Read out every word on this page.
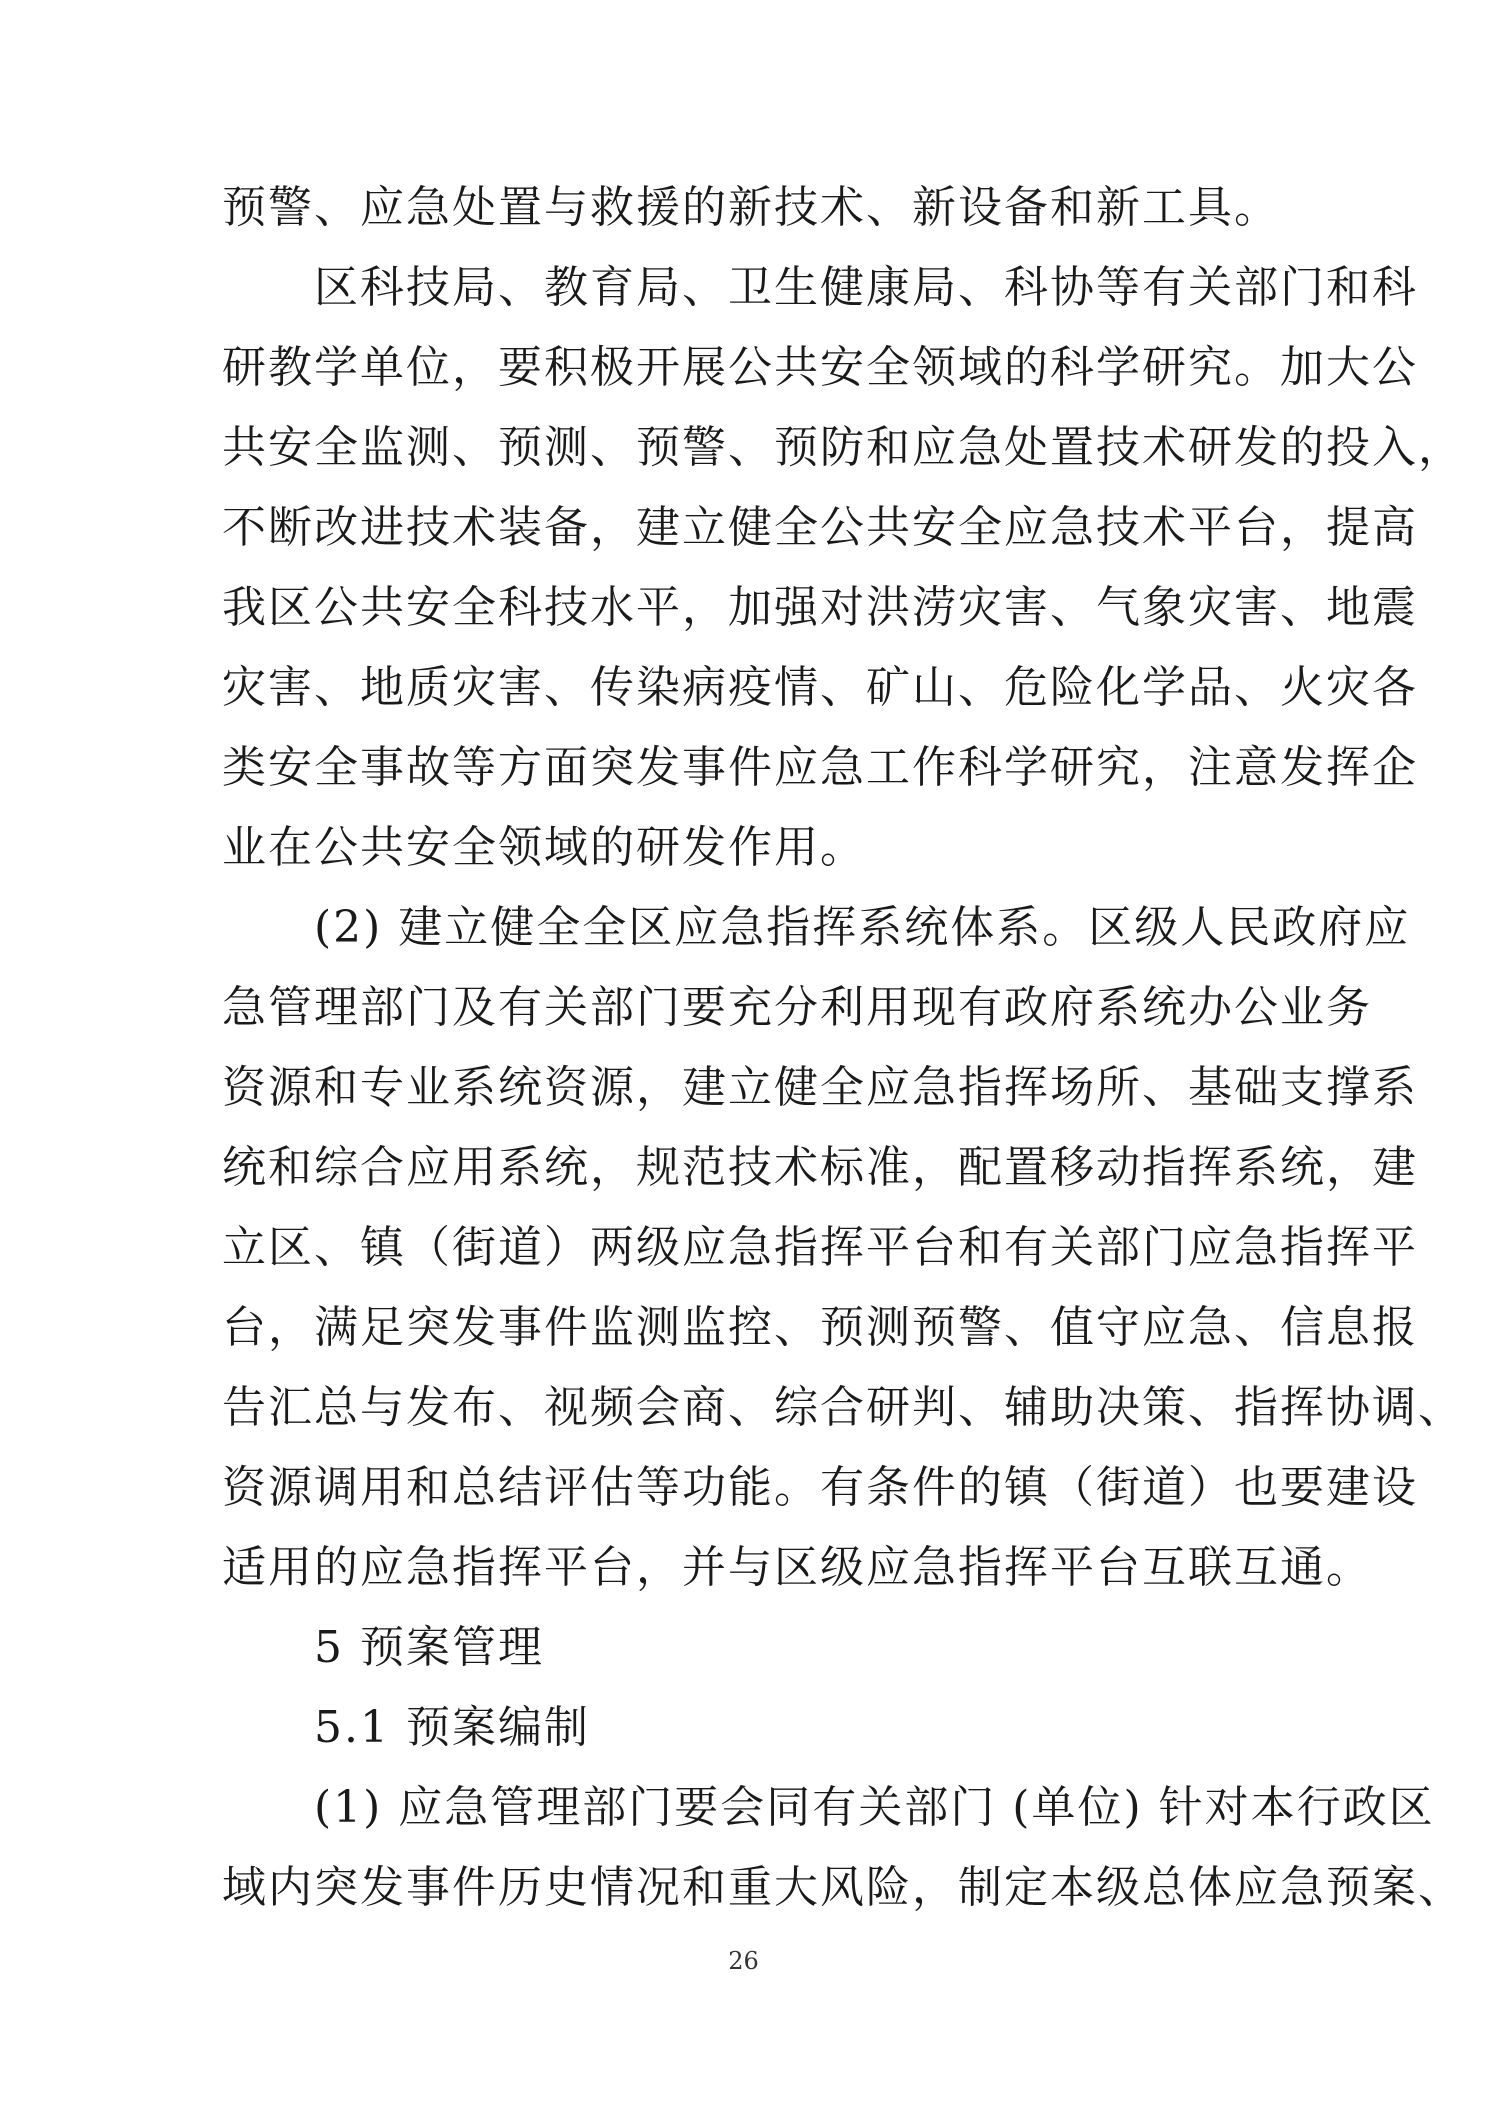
预警、应急处置与救援的新技术、新设备和新工具。
　　区科技局、教育局、卫生健康局、科协等有关部门和科
研教学单位，要积极开展公共安全领域的科学研究。加大公
共安全监测、预测、预警、预防和应急处置技术研发的投入，
不断改进技术装备，建立健全公共安全应急技术平台，提高
我区公共安全科技水平，加强对洪涝灾害、气象灾害、地震
灾害、地质灾害、传染病疫情、矿山、危险化学品、火灾各
类安全事故等方面突发事件应急工作科学研究，注意发挥企
业在公共安全领域的研发作用。
　　(2) 建立健全全区应急指挥系统体系。区级人民政府应
急管理部门及有关部门要充分利用现有政府系统办公业务
资源和专业系统资源，建立健全应急指挥场所、基础支撑系
统和综合应用系统，规范技术标准，配置移动指挥系统，建
立区、镇（街道）两级应急指挥平台和有关部门应急指挥平
台，满足突发事件监测监控、预测预警、值守应急、信息报
告汇总与发布、视频会商、综合研判、辅助决策、指挥协调、
资源调用和总结评估等功能。有条件的镇（街道）也要建设
适用的应急指挥平台，并与区级应急指挥平台互联互通。
　　5 预案管理
　　5.1 预案编制
　　(1) 应急管理部门要会同有关部门 (单位) 针对本行政区
域内突发事件历史情况和重大风险，制定本级总体应急预案、
26
